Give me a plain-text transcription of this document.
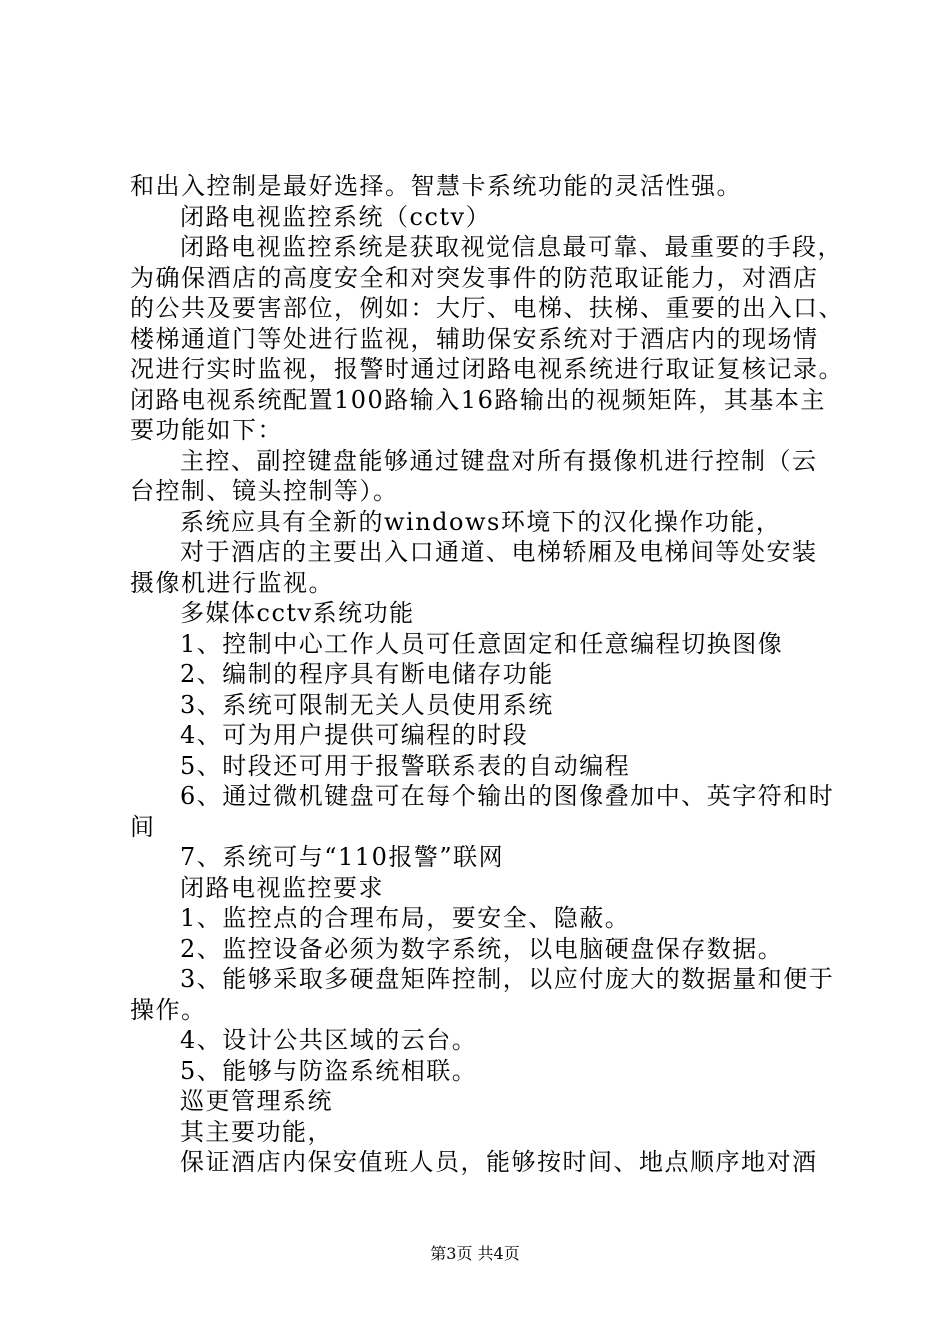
和出入控制是最好选择。智慧卡系统功能的灵活性强。
闭路电视监控系统（cctv）
闭路电视监控系统是获取视觉信息最可靠、最重要的手段，
为确保酒店的高度安全和对突发事件的防范取证能力，对酒店
的公共及要害部位，例如：大厅、电梯、扶梯、重要的出入口、
楼梯通道门等处进行监视，辅助保安系统对于酒店内的现场情
况进行实时监视，报警时通过闭路电视系统进行取证复核记录。
闭路电视系统配置100路输入16路输出的视频矩阵，其基本主
要功能如下：
主控、副控键盘能够通过键盘对所有摄像机进行控制（云
台控制、镜头控制等）。
系统应具有全新的windows环境下的汉化操作功能，
对于酒店的主要出入口通道、电梯轿厢及电梯间等处安装
摄像机进行监视。
多媒体cctv系统功能
1、控制中心工作人员可任意固定和任意编程切换图像
2、编制的程序具有断电储存功能
3、系统可限制无关人员使用系统
4、可为用户提供可编程的时段
5、时段还可用于报警联系表的自动编程
6、通过微机键盘可在每个输出的图像叠加中、英字符和时
间
7、系统可与“110报警”联网
闭路电视监控要求
1、监控点的合理布局，要安全、隐蔽。
2、监控设备必须为数字系统，以电脑硬盘保存数据。
3、能够采取多硬盘矩阵控制，以应付庞大的数据量和便于
操作。
4、设计公共区域的云台。
5、能够与防盗系统相联。
巡更管理系统
其主要功能，
保证酒店内保安值班人员，能够按时间、地点顺序地对酒
第3页 共4页
